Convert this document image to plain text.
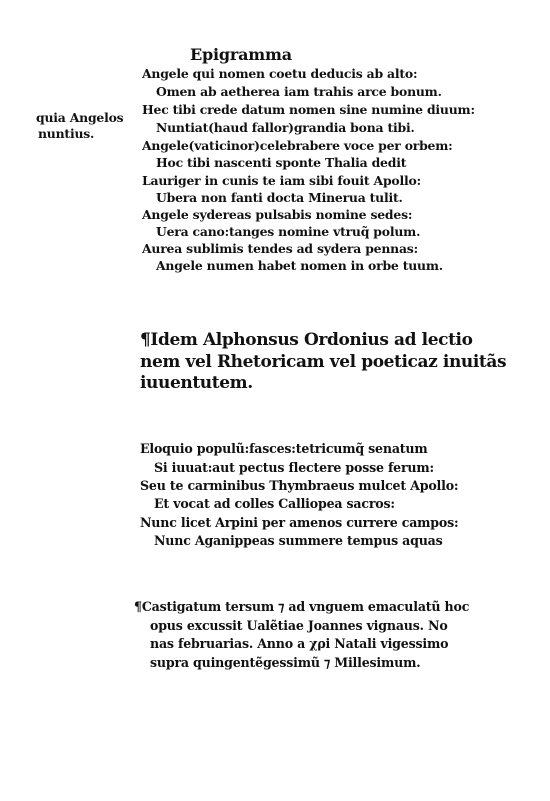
Epigramma
quia Angelos
nuntius.
Angele qui nomen coetu deducis ab alto:
Omen ab aetherea iam trahis arce bonum.
Hec tibi crede datum nomen sine numine diuum:
Nuntiat(haud fallor)grandia bona tibi.
Angele(vaticinor)celebrabere voce per orbem:
Hoc tibi nascenti sponte Thalia dedit
Lauriger in cunis te iam sibi fouit Apollo:
Ubera non fanti docta Minerua tulit.
Angele sydereas pulsabis nomine sedes:
Uera cano:tanges nomine vtruq̃ polum.
Aurea sublimis tendes ad sydera pennas:
Angele numen habet nomen in orbe tuum.
¶Idem Alphonsus Ordonius ad lectio
nem vel Rhetoricam vel poeticaz inuitãs
iuuentutem.
Eloquio populũ:fasces:tetricumq̃ senatum
Si iuuat:aut pectus flectere posse ferum:
Seu te carminibus Thymbraeus mulcet Apollo:
Et vocat ad colles Calliopea sacros:
Nunc licet Arpini per amenos currere campos:
Nunc Aganippeas summere tempus aquas
¶Castigatum tersum ⁊ ad vnguem emaculatũ hoc
opus excussit Ualẽtiae Joannes vignaus. No
nas februarias. Anno a χρi Natali vigessimo
supra quingentẽgessimũ ⁊ Millesimum.
